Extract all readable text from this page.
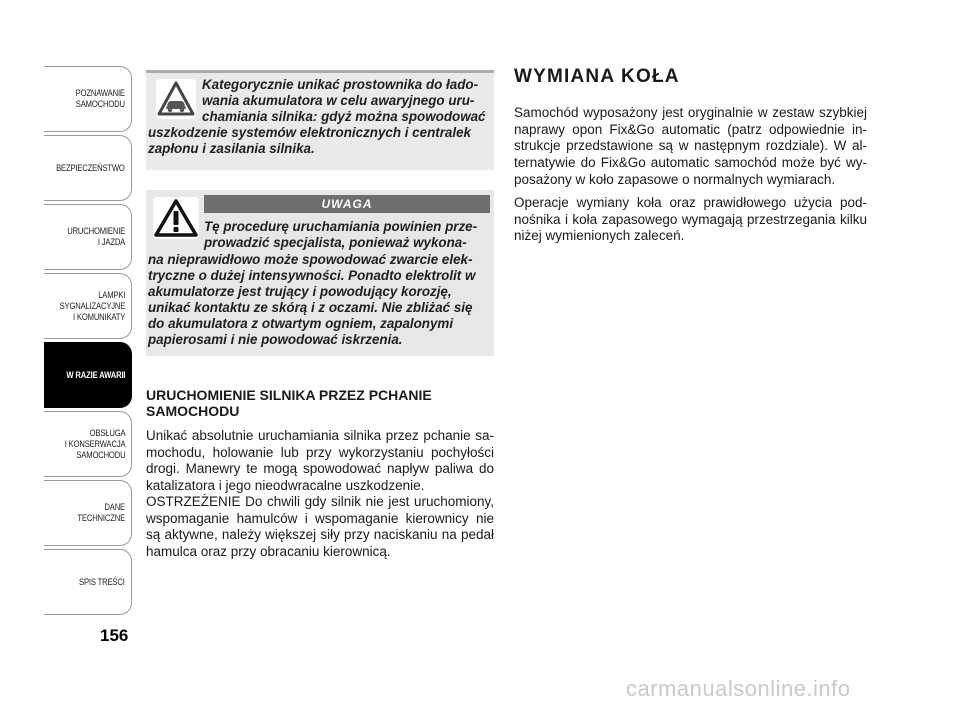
POZNAWANIE
SAMOCHODU
BEZPIECZEŃSTWO
URUCHOMIENIE
I JAZDA
LAMPKI
SYGNALIZACYJNE
I KOMUNIKATY
W RAZIE AWARII
OBSŁUGA
I KONSERWACJA
SAMOCHODU
DANE
TECHNICZNE
SPIS TREŚCI
156
Kategorycznie unikać prostownika do ładowania akumulatora w celu awaryjnego uruchamiania silnika: gdyż można spowodować
uszkodzenie systemów elektronicznych i centralek zapłonu i zasilania silnika.
UWAGA
Tę procedurę uruchamiania powinien przeprowadzić specjalista, ponieważ wykona-
na nieprawidłowo może spowodować zwarcie elektryczne o dużej intensywności. Ponadto elektrolit w akumulatorze jest trujący i powodujący korozję, unikać kontaktu ze skórą i z oczami. Nie zbliżać się do akumulatora z otwartym ogniem, zapalonymi papierosami i nie powodować iskrzenia.
URUCHOMIENIE SILNIKA PRZEZ PCHANIE SAMOCHODU
Unikać absolutnie uruchamiania silnika przez pchanie samochodu, holowanie lub przy wykorzystaniu pochyłości drogi. Manewry te mogą spowodować napływ paliwa do katalizatora i jego nieodwracalne uszkodzenie.
OSTRZEŻENIE Do chwili gdy silnik nie jest uruchomiony, wspomaganie hamulców i wspomaganie kierownicy nie są aktywne, należy większej siły przy naciskaniu na pedał hamulca oraz przy obracaniu kierownicą.
WYMIANA KOŁA
Samochód wyposażony jest oryginalnie w zestaw szybkiej naprawy opon Fix&Go automatic (patrz odpowiednie instrukcje przedstawione są w następnym rozdziale). W alternatywie do Fix&Go automatic samochód może być wyposażony w koło zapasowe o normalnych wymiarach.
Operacje wymiany koła oraz prawidłowego użycia podnośnika i koła zapasowego wymagają przestrzegania kilku niżej wymienionych zaleceń.
carmanualsonline.info
